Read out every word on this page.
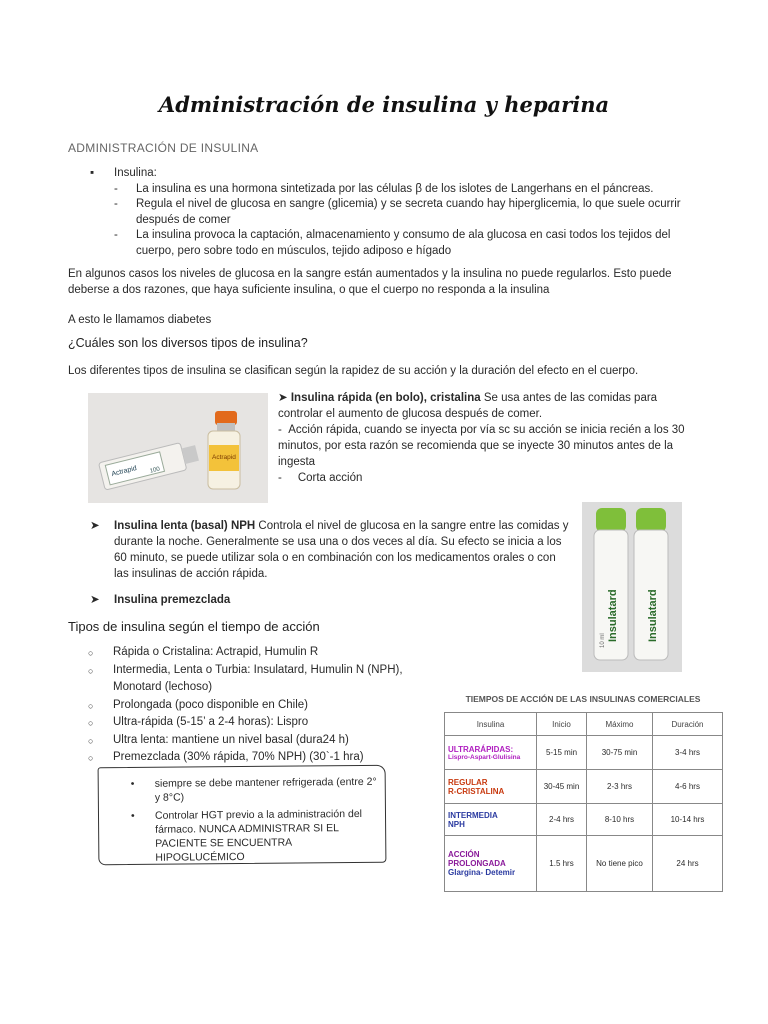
Administración de insulina y heparina
ADMINISTRACIÓN DE INSULINA
▪ Insulina:
- La insulina es una hormona sintetizada por las células β de los islotes de Langerhans en el páncreas.
- Regula el nivel de glucosa en sangre (glicemia) y se secreta cuando hay hiperglicemia, lo que suele ocurrir después de comer
- La insulina provoca la captación, almacenamiento y consumo de ala glucosa en casi todos los tejidos del cuerpo, pero sobre todo en músculos, tejido adiposo e hígado
En algunos casos los niveles de glucosa en la sangre están aumentados y la insulina no puede regularlos. Esto puede deberse a dos razones, que haya suficiente insulina, o que el cuerpo no responda a la insulina
A esto le llamamos diabetes
¿Cuáles son los diversos tipos de insulina?
Los diferentes tipos de insulina se clasifican según la rapidez de su acción y la duración del efecto en el cuerpo.
Actrapid 100
Actrapid
➤ Insulina rápida (en bolo), cristalina Se usa antes de las comidas para controlar el aumento de glucosa después de comer.
-  Acción rápida, cuando se inyecta por vía sc su acción se inicia recién a los 30 minutos, por esta razón se recomienda que se inyecte 30 minutos antes de la ingesta
-     Corta acción
Insulatard	Insulatard
10 ml
➤ Insulina lenta (basal) NPH Controla el nivel de glucosa en la sangre entre las comidas y durante la noche. Generalmente se usa una o dos veces al día. Su efecto se inicia a los 60 minuto, se puede utilizar sola o en combinación con los medicamentos orales o con las insulinas de acción rápida.
➤ Insulina premezclada
Tipos de insulina según el tiempo de acción
○ Rápida o Cristalina: Actrapid, Humulin R
○ Intermedia, Lenta o Turbia: Insulatard, Humulin N (NPH), Monotard (lechoso)
○ Prolongada (poco disponible en Chile)
○ Ultra-rápida (5-15’ a 2-4 horas): Lispro
○ Ultra lenta: mantiene un nivel basal (dura24 h)
○ Premezclada (30% rápida, 70% NPH) (30`-1 hra)
• siempre se debe mantener refrigerada (entre 2° y 8°C)
• Controlar HGT previo a la administración del fármaco. NUNCA ADMINISTRAR SI EL PACIENTE SE ENCUENTRA HIPOGLUCÉMICO
TIEMPOS DE ACCIÓN DE LAS INSULINAS COMERCIALES
Insulina	Inicio	Máximo	Duración

ULTRARÁPIDAS:
Lispro-Aspart-Glulisina	5-15 min	30-75 min	3-4 hrs

REGULAR
R-CRISTALINA	30-45 min	2-3 hrs	4-6 hrs

INTERMEDIA
NPH	2-4 hrs	8-10 hrs	10-14 hrs

ACCIÓN PROLONGADA
Glargina- Detemir	1.5 hrs	No tiene pico	24 hrs
